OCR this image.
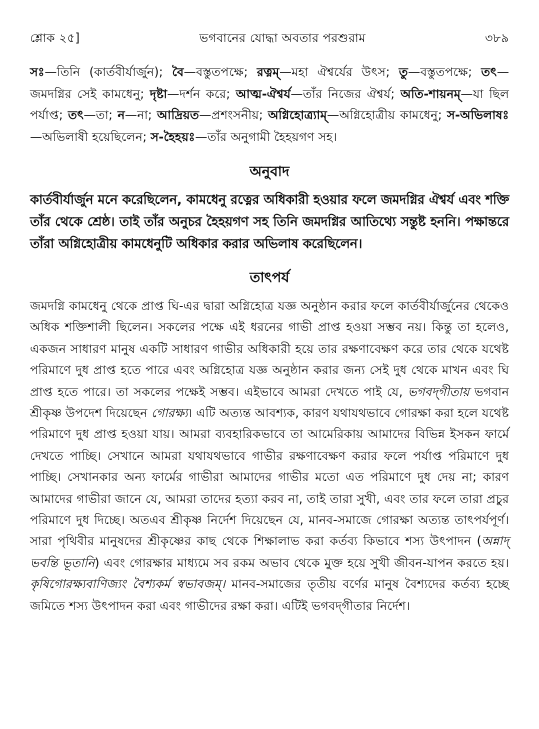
শ্লোক ২৫]	ভগবানের যোদ্ধা অবতার পরশুরাম	৩৮৯

সঃ—তিনি (কার্তবীর্যার্জুন); বৈ—বস্তুতপক্ষে; রত্নম্—মহা ঐশ্বর্যের উৎস; তু—বস্তুতপক্ষে; তৎ—জমদগ্নির সেই কামধেনু; দৃষ্টা—দর্শন করে; আত্ম-ঐশ্বর্য—তাঁর নিজের ঐশ্বর্য; অতি-শায়নম্—যা ছিল পর্যাপ্ত; তৎ—তা; ন—না; আদ্রিয়ত—প্রশংসনীয়; অগ্নিহোত্র্যাম্—অগ্নিহোত্রীয় কামধেনু; স-অভিলাষঃ—অভিলাষী হয়েছিলেন; স-হৈহয়ঃ—তাঁর অনুগামী হৈহয়গণ সহ।

অনুবাদ

কার্তবীর্যার্জুন মনে করেছিলেন, কামধেনু রত্নের অধিকারী হওয়ার ফলে জমদগ্নির ঐশ্বর্য এবং শক্তি তাঁর থেকে শ্রেষ্ঠ। তাই তাঁর অনুচর হৈহয়গণ সহ তিনি জমদগ্নির আতিথ্যে সন্তুষ্ট হননি। পক্ষান্তরে তাঁরা অগ্নিহোত্রীয় কামধেনুটি অধিকার করার অভিলাষ করেছিলেন।

তাৎপর্য

জমদগ্নি কামধেনু থেকে প্রাপ্ত ঘি-এর দ্বারা অগ্নিহোত্র যজ্ঞ অনুষ্ঠান করার ফলে কার্তবীর্যার্জুনের থেকেও অধিক শক্তিশালী ছিলেন। সকলের পক্ষে এই ধরনের গাভী প্রাপ্ত হওয়া সম্ভব নয়। কিন্তু তা হলেও, একজন সাধারণ মানুষ একটি সাধারণ গাভীর অধিকারী হয়ে তার রক্ষণাবেক্ষণ করে তার থেকে যথেষ্ট পরিমাণে দুধ প্রাপ্ত হতে পারে এবং অগ্নিহোত্র যজ্ঞ অনুষ্ঠান করার জন্য সেই দুধ থেকে মাখন এবং ঘি প্রাপ্ত হতে পারে। তা সকলের পক্ষেই সম্ভব। এইভাবে আমরা দেখতে পাই যে, ভগবদ্‌গীতায় ভগবান শ্রীকৃষ্ণ উপদেশ দিয়েছেন গোরক্ষ্য। এটি অত্যন্ত আবশ্যক, কারণ যথাযথভাবে গোরক্ষা করা হলে যথেষ্ট পরিমাণে দুধ প্রাপ্ত হওয়া যায়। আমরা ব্যবহারিকভাবে তা আমেরিকায় আমাদের বিভিন্ন ইসকন ফার্মে দেখতে পাচ্ছি। সেখানে আমরা যথাযথভাবে গাভীর রক্ষণাবেক্ষণ করার ফলে পর্যাপ্ত পরিমাণে দুধ পাচ্ছি। সেখানকার অন্য ফার্মের গাভীরা আমাদের গাভীর মতো এত পরিমাণে দুধ দেয় না; কারণ আমাদের গাভীরা জানে যে, আমরা তাদের হত্যা করব না, তাই তারা সুখী, এবং তার ফলে তারা প্রচুর পরিমাণে দুধ দিচ্ছে। অতএব শ্রীকৃষ্ণ নির্দেশ দিয়েছেন যে, মানব-সমাজে গোরক্ষা অত্যন্ত তাৎপর্যপূর্ণ। সারা পৃথিবীর মানুষদের শ্রীকৃষ্ণের কাছ থেকে শিক্ষালাভ করা কর্তব্য কিভাবে শস্য উৎপাদন (অন্নাদ্ ভবন্তি ভূতানি) এবং গোরক্ষার মাধ্যমে সব রকম অভাব থেকে মুক্ত হয়ে সুখী জীবন-যাপন করতে হয়। কৃষিগোরক্ষ্যবাণিজ্যং বৈশ্যকর্ম স্বভাবজম্। মানব-সমাজের তৃতীয় বর্ণের মানুষ বৈশ্যদের কর্তব্য হচ্ছে জমিতে শস্য উৎপাদন করা এবং গাভীদের রক্ষা করা। এটিই ভগবদ্‌গীতার নির্দেশ।
